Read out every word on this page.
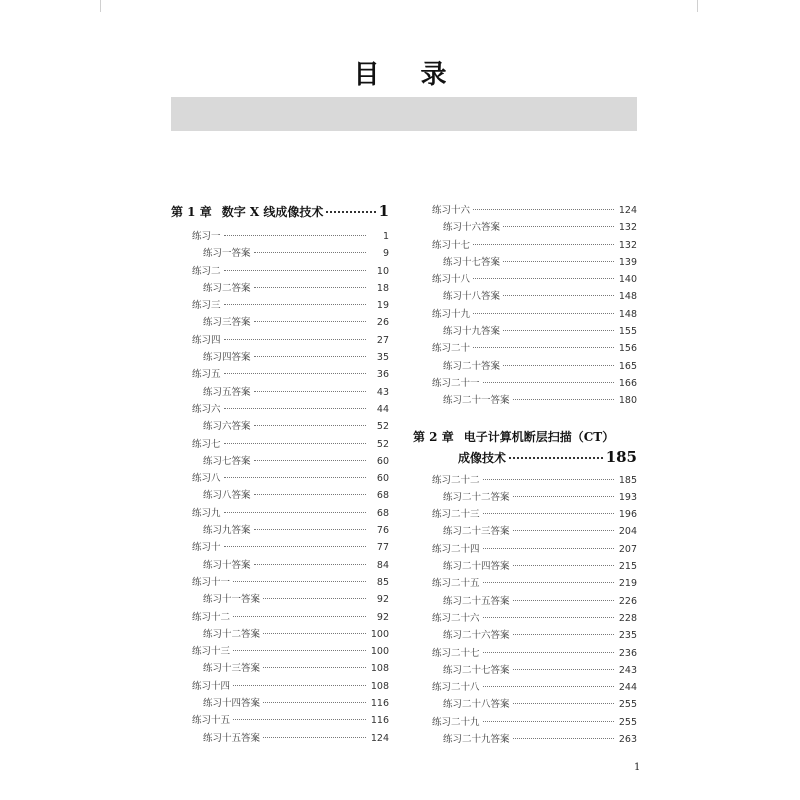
目 录
第 1 章 数字 X 线成像技术	1
练习一	1
练习一答案	9
练习二	10
练习二答案	18
练习三	19
练习三答案	26
练习四	27
练习四答案	35
练习五	36
练习五答案	43
练习六	44
练习六答案	52
练习七	52
练习七答案	60
练习八	60
练习八答案	68
练习九	68
练习九答案	76
练习十	77
练习十答案	84
练习十一	85
练习十一答案	92
练习十二	92
练习十二答案	100
练习十三	100
练习十三答案	108
练习十四	108
练习十四答案	116
练习十五	116
练习十五答案	124
练习十六	124
练习十六答案	132
练习十七	132
练习十七答案	139
练习十八	140
练习十八答案	148
练习十九	148
练习十九答案	155
练习二十	156
练习二十答案	165
练习二十一	166
练习二十一答案	180
第 2 章 电子计算机断层扫描（CT）
成像技术	185
练习二十二	185
练习二十二答案	193
练习二十三	196
练习二十三答案	204
练习二十四	207
练习二十四答案	215
练习二十五	219
练习二十五答案	226
练习二十六	228
练习二十六答案	235
练习二十七	236
练习二十七答案	243
练习二十八	244
练习二十八答案	255
练习二十九	255
练习二十九答案	263
1
